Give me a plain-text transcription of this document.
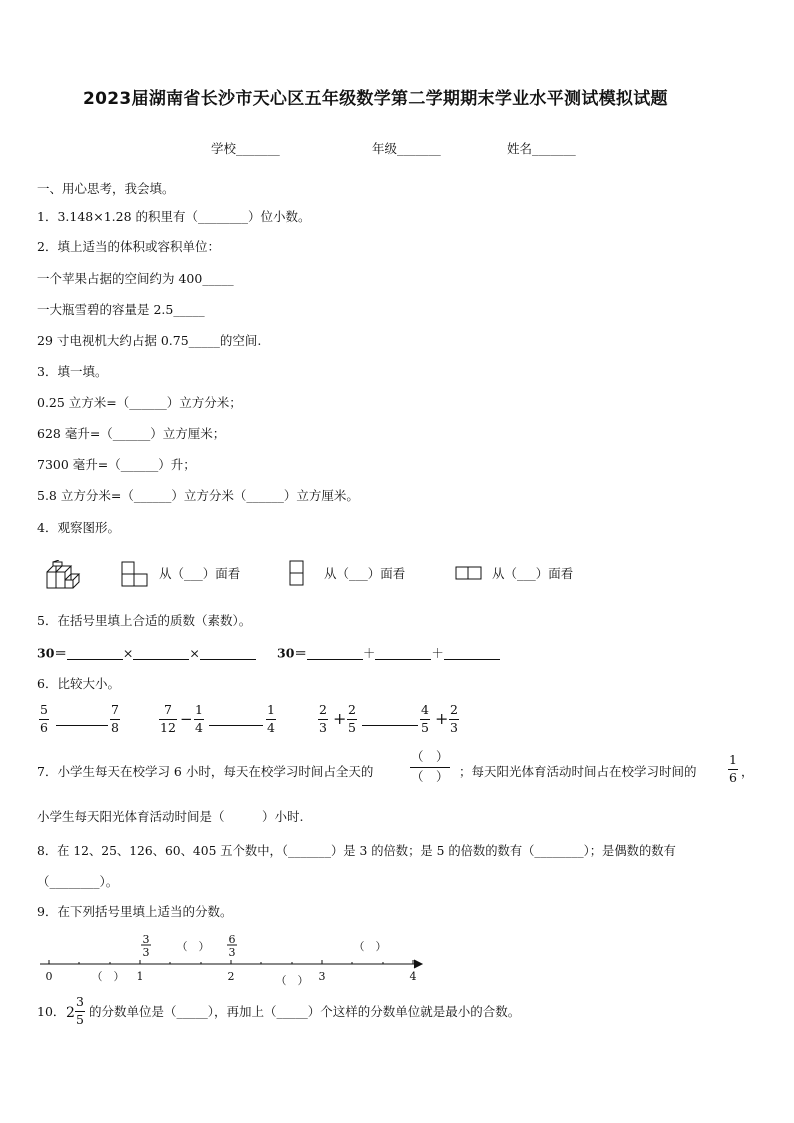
2023届湖南省长沙市天心区五年级数学第二学期期末学业水平测试模拟试题
学校_______	年级_______	姓名_______
一、用心思考，我会填。
1．3.148×1.28 的积里有（________）位小数。
2．填上适当的体积或容积单位：
一个苹果占据的空间约为 400_____
一大瓶雪碧的容量是 2.5_____
29 寸电视机大约占据 0.75_____的空间.
3．填一填。
0.25 立方米=（______）立方分米；
628 毫升=（______）立方厘米；
7300 毫升=（______）升；
5.8 立方分米=（______）立方分米（______）立方厘米。
4．观察图形。
从（___）面看	从（___）面看	从（___）面看
5．在括号里填上合适的质数（素数）。
30＝	×	×	30＝	＋	＋
6．比较大小。
5
6
7
8
7
12 −
1
4
1
4
2
3 + 2
5
4
5 + 2
3
7．小学生每天在校学习 6 小时，每天在校学习时间占全天的
（　）
（　） ；每天阳光体育活动时间占在校学习时间的
1
6 ，
小学生每天阳光体育活动时间是（　　　）小时.
8．在 12、25、126、60、405 五个数中，（_______）是 3 的倍数；是 5 的倍数的数有（________）；是偶数的数有
（________）。
9．在下列括号里填上适当的分数。
0	1	2	3	4
3
3
6
3
（　）	（　）
（　）	（　）
10． 2
3
5 的分数单位是（_____），再加上（_____）个这样的分数单位就是最小的合数。
